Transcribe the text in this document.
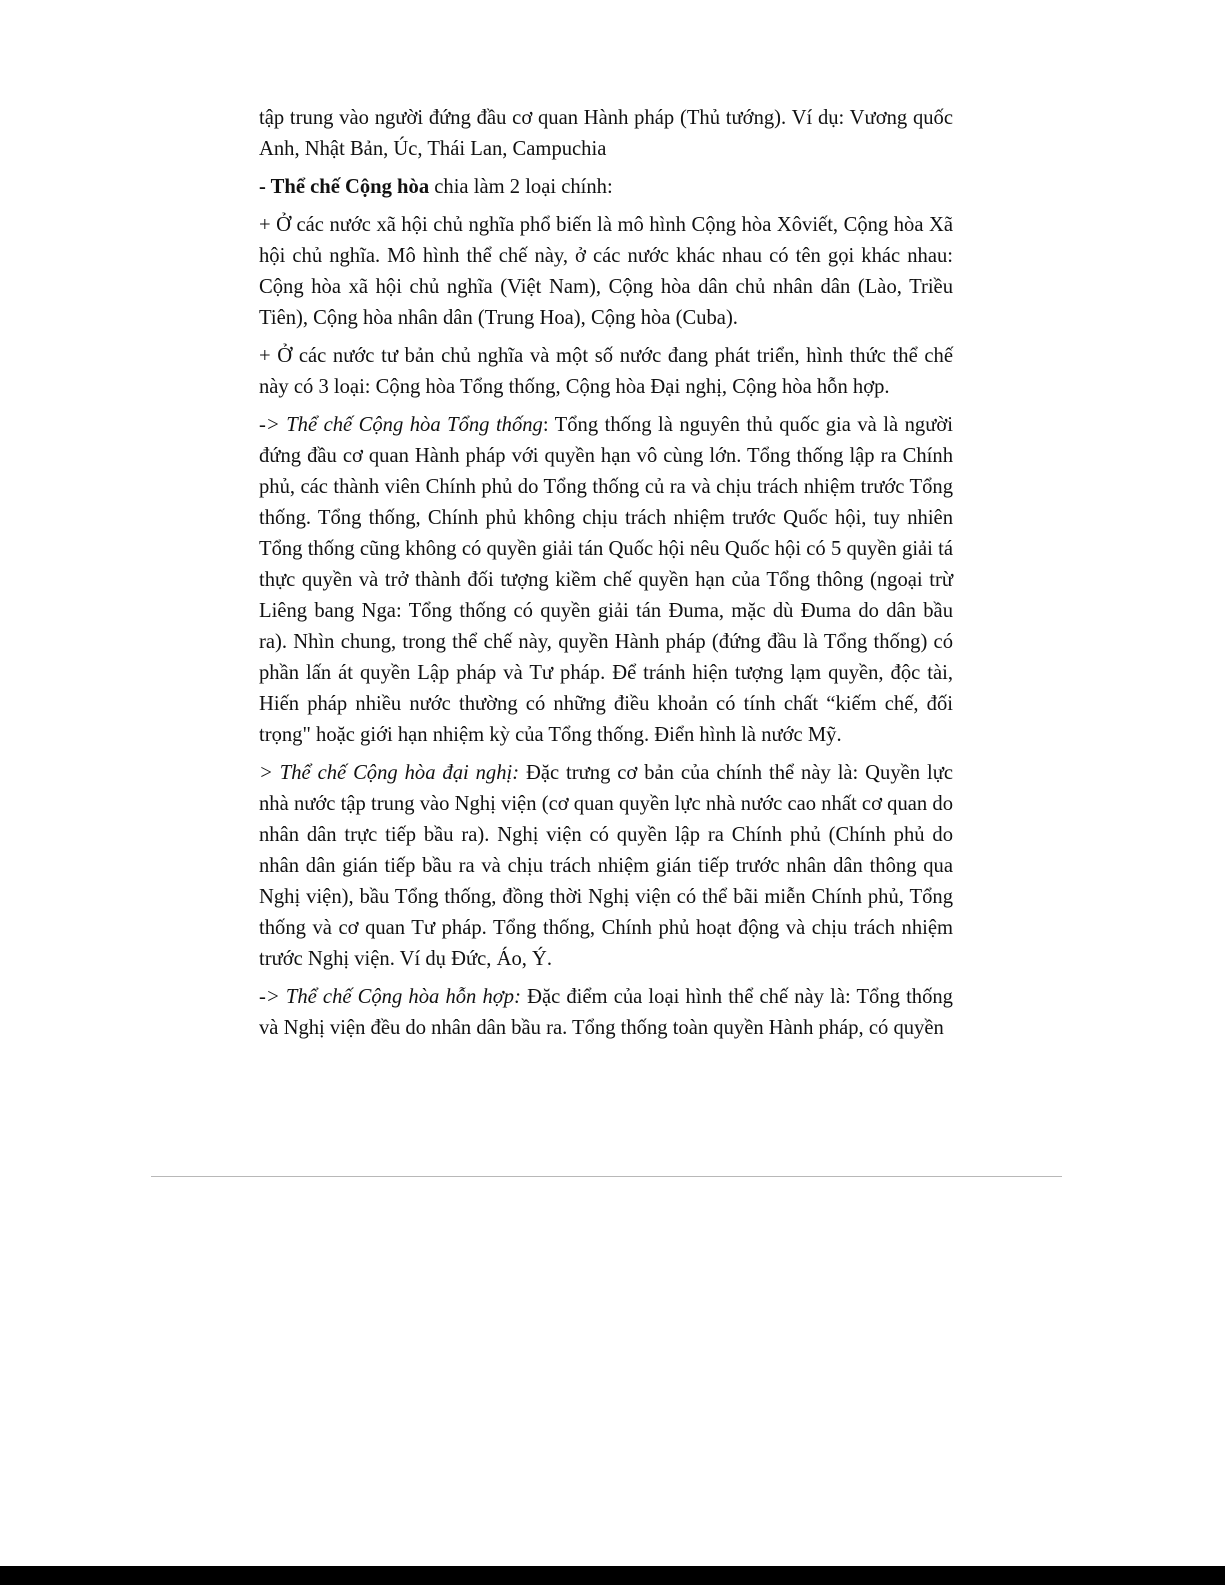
tập trung vào người đứng đầu cơ quan Hành pháp (Thủ tướng). Ví dụ: Vương quốc Anh, Nhật Bản, Úc, Thái Lan, Campuchia

- Thể chế Cộng hòa chia làm 2 loại chính:

+ Ở các nước xã hội chủ nghĩa phổ biến là mô hình Cộng hòa Xôviết, Cộng hòa Xã hội chủ nghĩa. Mô hình thể chế này, ở các nước khác nhau có tên gọi khác nhau: Cộng hòa xã hội chủ nghĩa (Việt Nam), Cộng hòa dân chủ nhân dân (Lào, Triều Tiên), Cộng hòa nhân dân (Trung Hoa), Cộng hòa (Cuba).

+ Ở các nước tư bản chủ nghĩa và một số nước đang phát triển, hình thức thể chế này có 3 loại: Cộng hòa Tổng thống, Cộng hòa Đại nghị, Cộng hòa hỗn hợp.

-> Thể chế Cộng hòa Tổng thống: Tổng thống là nguyên thủ quốc gia và là người đứng đầu cơ quan Hành pháp với quyền hạn vô cùng lớn. Tổng thống lập ra Chính phủ, các thành viên Chính phủ do Tổng thống củ ra và chịu trách nhiệm trước Tổng thống. Tổng thống, Chính phủ không chịu trách nhiệm trước Quốc hội, tuy nhiên Tổng thống cũng không có quyền giải tán Quốc hội nêu Quốc hội có 5 quyền giải tá thực quyền và trở thành đối tượng kiềm chế quyền hạn của Tổng thông (ngoại trừ Liêng bang Nga: Tổng thống có quyền giải tán Đuma, mặc dù Đuma do dân bầu ra). Nhìn chung, trong thể chế này, quyền Hành pháp (đứng đầu là Tổng thống) có phần lấn át quyền Lập pháp và Tư pháp. Để tránh hiện tượng lạm quyền, độc tài, Hiến pháp nhiều nước thường có những điều khoản có tính chất “kiếm chế, đối trọng" hoặc giới hạn nhiệm kỳ của Tổng thống. Điển hình là nước Mỹ.

> Thể chế Cộng hòa đại nghị: Đặc trưng cơ bản của chính thể này là: Quyền lực nhà nước tập trung vào Nghị viện (cơ quan quyền lực nhà nước cao nhất cơ quan do nhân dân trực tiếp bầu ra). Nghị viện có quyền lập ra Chính phủ (Chính phủ do nhân dân gián tiếp bầu ra và chịu trách nhiệm gián tiếp trước nhân dân thông qua Nghị viện), bầu Tổng thống, đồng thời Nghị viện có thể bãi miễn Chính phủ, Tổng thống và cơ quan Tư pháp. Tổng thống, Chính phủ hoạt động và chịu trách nhiệm trước Nghị viện. Ví dụ Đức, Áo, Ý.

-> Thể chế Cộng hòa hỗn hợp: Đặc điểm của loại hình thể chế này là: Tổng thống và Nghị viện đều do nhân dân bầu ra. Tổng thống toàn quyền Hành pháp, có quyền
